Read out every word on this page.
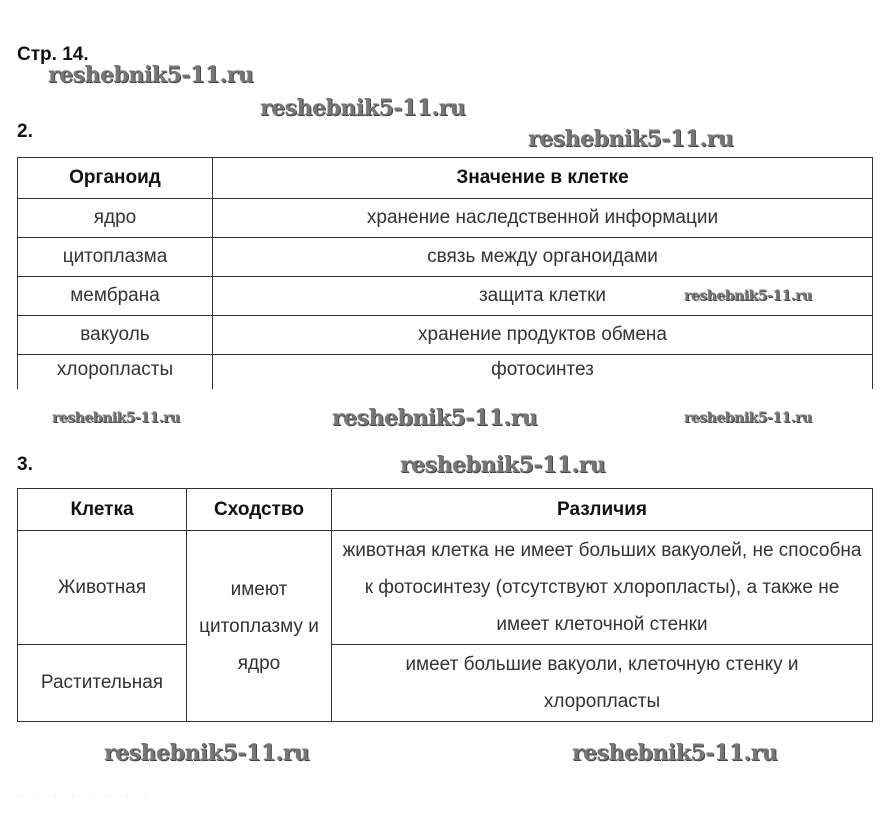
Стр. 14.
2.
Органоид	Значение в клетке
ядро	хранение наследственной информации
цитоплазма	связь между органоидами
мембрана	защита клетки
вакуоль	хранение продуктов обмена
хлоропласты	фотосинтез
3.
Клетка	Сходство	Различия
Животная	имеют цитоплазму и ядро	животная клетка не имеет больших вакуолей, не способна к фотосинтезу (отсутствуют хлоропласты), а также не имеет клеточной стенки
Растительная		имеет большие вакуоли, клеточную стенку и хлоропласты
reshebnik5-11.ru
reshebnik5-11.ru
reshebnik5-11.ru
reshebnik5-11.ru
reshebnik5-11.ru	reshebnik5-11.ru	reshebnik5-11.ru
reshebnik5-11.ru
reshebnik5-11.ru
reshebnik5-11.ru
· · · · · · · ·
